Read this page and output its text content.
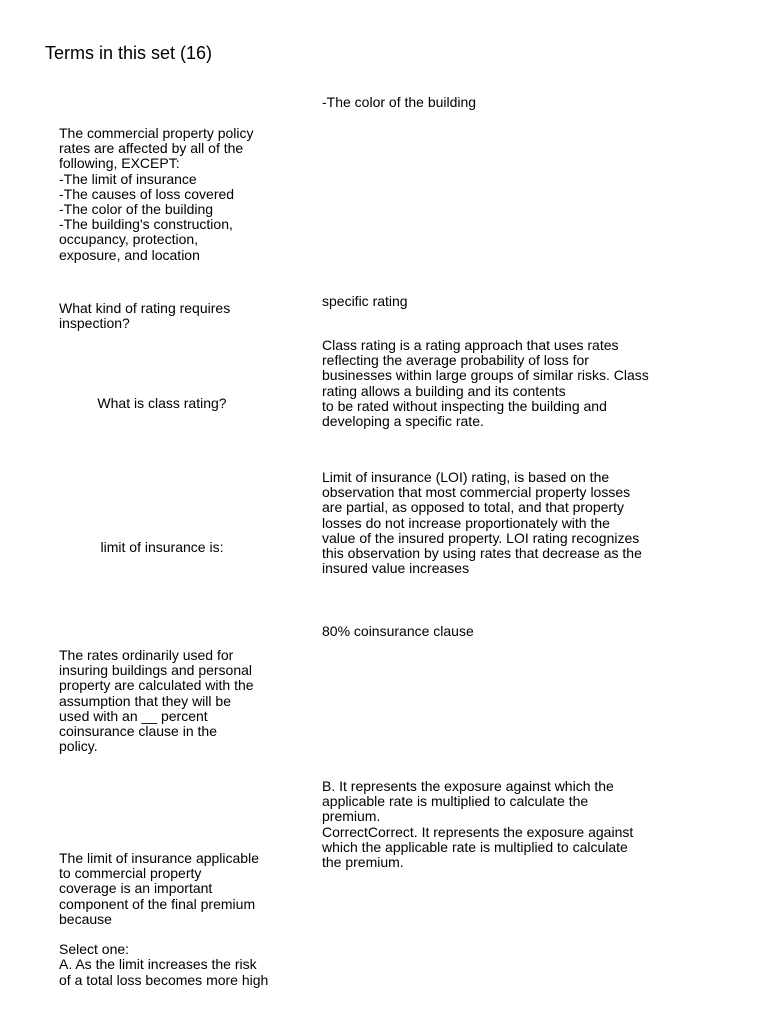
Terms in this set (16)

-The color of the building

The commercial property policy
rates are affected by all of the
following, EXCEPT:
-The limit of insurance
-The causes of loss covered
-The color of the building
-The building's construction,
occupancy, protection,
exposure, and location

specific rating

What kind of rating requires
inspection?

Class rating is a rating approach that uses rates
reflecting the average probability of loss for
businesses within large groups of similar risks. Class
rating allows a building and its contents
to be rated without inspecting the building and
developing a specific rate.

What is class rating?

Limit of insurance (LOI) rating, is based on the
observation that most commercial property losses
are partial, as opposed to total, and that property
losses do not increase proportionately with the
value of the insured property. LOI rating recognizes
this observation by using rates that decrease as the
insured value increases

limit of insurance is:

80% coinsurance clause

The rates ordinarily used for
insuring buildings and personal
property are calculated with the
assumption that they will be
used with an __ percent
coinsurance clause in the
policy.

B. It represents the exposure against which the
applicable rate is multiplied to calculate the
premium.
CorrectCorrect. It represents the exposure against
which the applicable rate is multiplied to calculate
the premium.

The limit of insurance applicable
to commercial property
coverage is an important
component of the final premium
because

Select one:
A. As the limit increases the risk
of a total loss becomes more high
